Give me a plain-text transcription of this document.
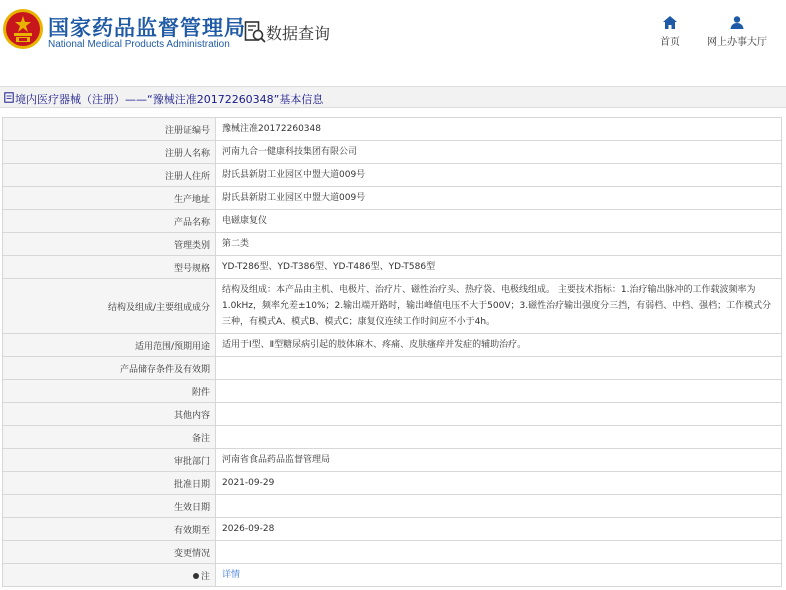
国家药品监督管理局
National Medical Products Administration
数据查询	首页	网上办事大厅
境内医疗器械（注册）——“豫械注准20172260348”基本信息
注册证编号	豫械注准20172260348
注册人名称	河南九合一健康科技集团有限公司
注册人住所	尉氏县新尉工业园区中盟大道009号
生产地址	尉氏县新尉工业园区中盟大道009号
产品名称	电磁康复仪
管理类别	第二类
型号规格	YD-T286型、YD-T386型、YD-T486型、YD-T586型
结构及组成/主要组成成分	结构及组成：本产品由主机、电极片、治疗片、磁性治疗头、热疗袋、电极线组成。 主要技术指标：1.治疗输出脉冲的工作载波频率为1.0kHz，频率允差±10%；2.输出端开路时，输出峰值电压不大于500V；3.磁性治疗输出强度分三挡，有弱档、中档、强档；工作模式分三种，有模式A、模式B、模式C；康复仪连续工作时间应不小于4h。
适用范围/预期用途	适用于Ⅰ型、Ⅱ型糖尿病引起的肢体麻木、疼痛、皮肤瘙痒并发症的辅助治疗。
产品储存条件及有效期	
附件	
其他内容	
备注	
审批部门	河南省食品药品监督管理局
批准日期	2021-09-29
生效日期	
有效期至	2026-09-28
变更情况	
注	详情
